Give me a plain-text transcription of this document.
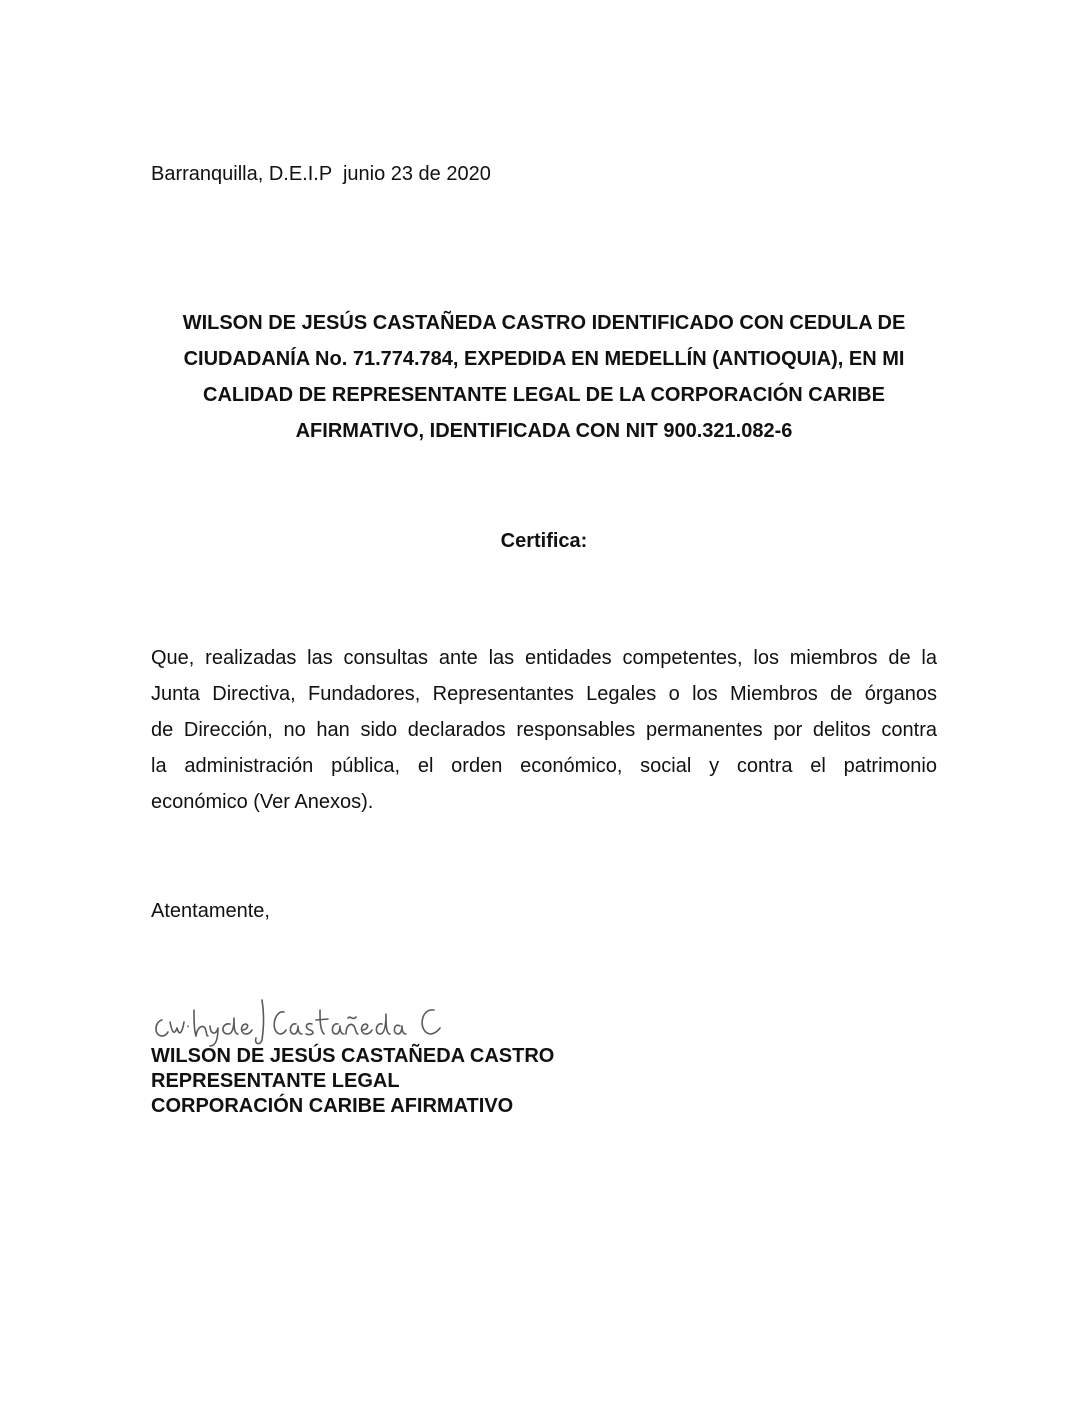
Barranquilla, D.E.I.P  junio 23 de 2020
WILSON DE JESÚS CASTAÑEDA CASTRO IDENTIFICADO CON CEDULA DE
CIUDADANÍA No. 71.774.784, EXPEDIDA EN MEDELLÍN (ANTIOQUIA), EN MI
CALIDAD DE REPRESENTANTE LEGAL DE LA CORPORACIÓN CARIBE
AFIRMATIVO, IDENTIFICADA CON NIT 900.321.082-6
Certifica:
Que, realizadas las consultas ante las entidades competentes, los miembros de la
Junta Directiva, Fundadores, Representantes Legales o los Miembros de órganos
de Dirección, no han sido declarados responsables permanentes por delitos contra
la administración pública, el orden económico, social y contra el patrimonio
económico (Ver Anexos).
Atentamente,
WILSON DE JESÚS CASTAÑEDA CASTRO
REPRESENTANTE LEGAL
CORPORACIÓN CARIBE AFIRMATIVO
